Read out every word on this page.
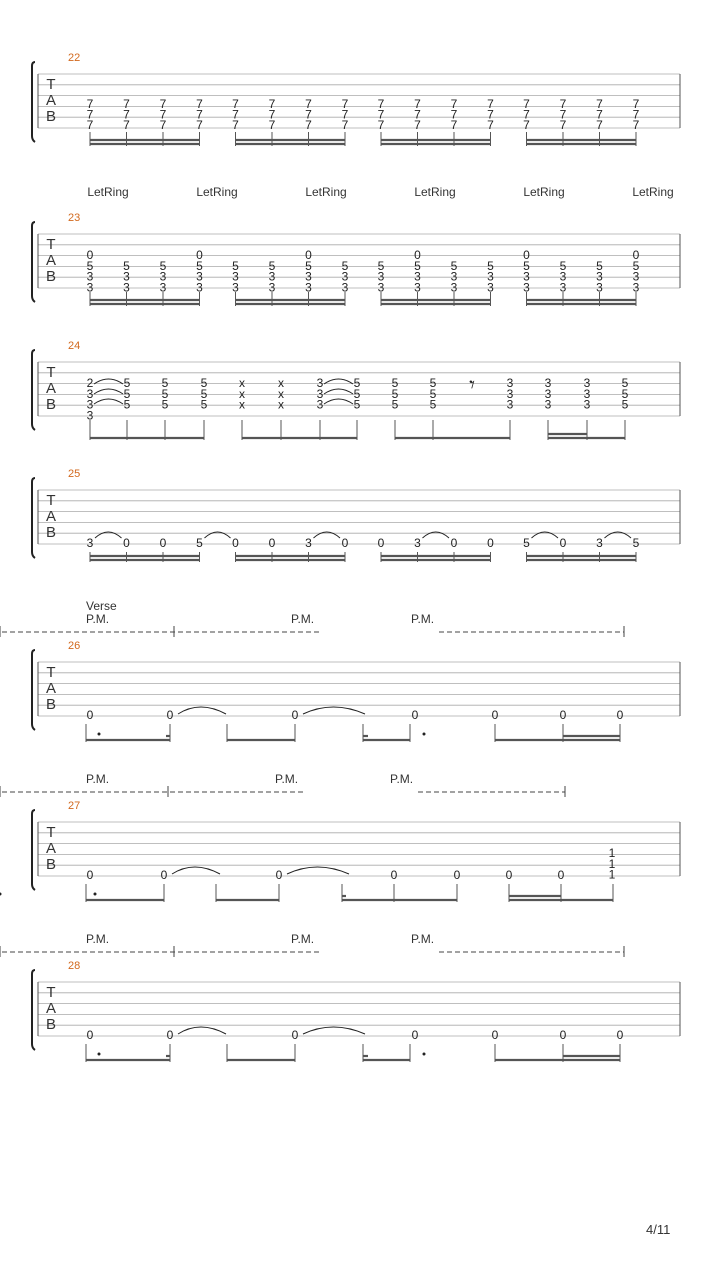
T
A
B
22
7
7
7
7
7
7
7
7
7
7
7
7
7
7
7
7
7
7
7
7
7
7
7
7
7
7
7
7
7
7
7
7
7
7
7
7
7
7
7
7
7
7
7
7
7
7
7
7
LetRing	LetRing	LetRing	LetRing	LetRing	LetRing
T
A
B
23
0
5
3
3
5
3
3
5
3
3
0
5
3
3
5
3
3
5
3
3
0
5
3
3
5
3
3
5
3
3
0
5
3
3
5
3
3
5
3
3
0
5
3
3
5
3
3
5
3
3
0
5
3
3
T
A
B
24
2
3
3
3
5
5
5
5
5
5
5
5
5
x
x
x
x
x
x
3
3
3
5
5
5
5
5
5
5
5
5
3
3
3
3
3
3
3
3
3
5
5
5
𝄾
T
A
B
25
3 0 0 5 0 0 3 0 0 3 0 0 5 0 3 5
T
A
B
26
Verse
P.M.	P.M.	P.M.
0	0	0	0	0	0	0
T
A
B
27
P.M.	P.M.	P.M.
0	0	0	0	0	0	0
1
1
1
T
A
B
28
P.M.	P.M.	P.M.
0	0	0	0	0	0	0
4/11
